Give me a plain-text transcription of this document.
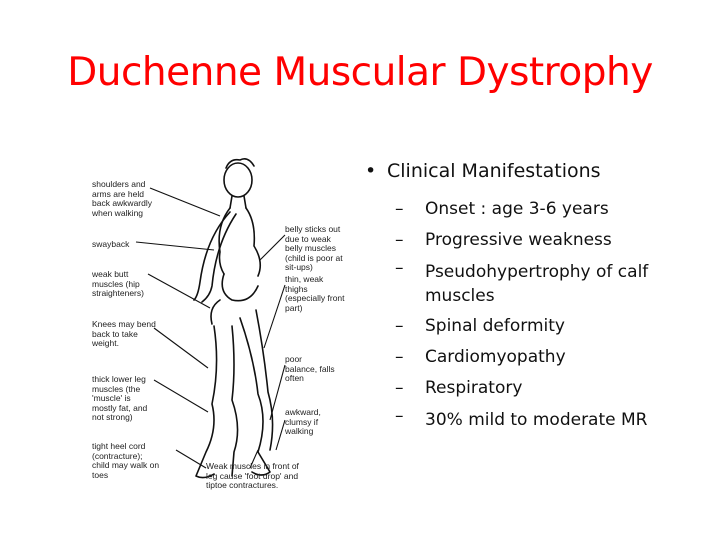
Duchenne Muscular Dystrophy
shoulders and arms are held back awkwardly when walking
swayback
weak butt muscles (hip straighteners)
Knees may bend back to take weight.
thick lower leg muscles (the 'muscle' is mostly fat, and not strong)
tight heel cord (contracture); child may walk on toes
belly sticks out due to weak belly muscles (child is poor at sit-ups)
thin, weak thighs (especially front part)
poor balance, falls often
awkward, clumsy if walking
Weak muscles in front of leg cause 'foot drop' and tiptoe contractures.
• Clinical Manifestations
– Onset : age 3-6 years
– Progressive weakness
– Pseudohypertrophy of calf muscles
– Spinal deformity
– Cardiomyopathy
– Respiratory
– 30% mild to moderate MR
